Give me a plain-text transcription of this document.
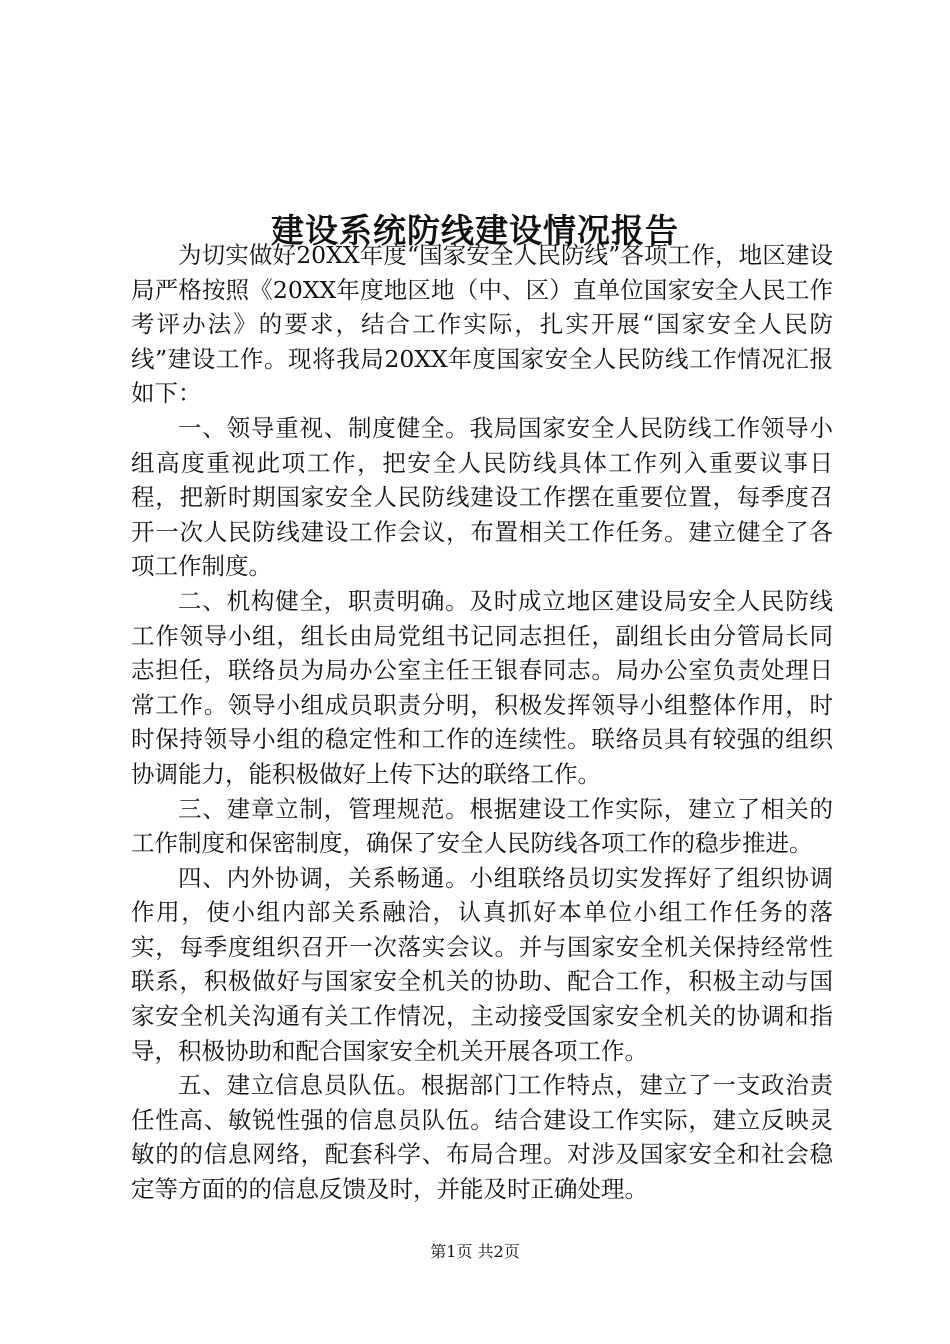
建设系统防线建设情况报告

为切实做好20XX年度“国家安全人民防线”各项工作，地区建设局严格按照《20XX年度地区地（中、区）直单位国家安全人民工作考评办法》的要求，结合工作实际，扎实开展“国家安全人民防线”建设工作。现将我局20XX年度国家安全人民防线工作情况汇报如下：

一、领导重视、制度健全。我局国家安全人民防线工作领导小组高度重视此项工作，把安全人民防线具体工作列入重要议事日程，把新时期国家安全人民防线建设工作摆在重要位置，每季度召开一次人民防线建设工作会议，布置相关工作任务。建立健全了各项工作制度。

二、机构健全，职责明确。及时成立地区建设局安全人民防线工作领导小组，组长由局党组书记同志担任，副组长由分管局长同志担任，联络员为局办公室主任王银春同志。局办公室负责处理日常工作。领导小组成员职责分明，积极发挥领导小组整体作用，时时保持领导小组的稳定性和工作的连续性。联络员具有较强的组织协调能力，能积极做好上传下达的联络工作。

三、建章立制，管理规范。根据建设工作实际，建立了相关的工作制度和保密制度，确保了安全人民防线各项工作的稳步推进。

四、内外协调，关系畅通。小组联络员切实发挥好了组织协调作用，使小组内部关系融洽，认真抓好本单位小组工作任务的落实，每季度组织召开一次落实会议。并与国家安全机关保持经常性联系，积极做好与国家安全机关的协助、配合工作，积极主动与国家安全机关沟通有关工作情况，主动接受国家安全机关的协调和指导，积极协助和配合国家安全机关开展各项工作。

五、建立信息员队伍。根据部门工作特点，建立了一支政治责任性高、敏锐性强的信息员队伍。结合建设工作实际，建立反映灵敏的的信息网络，配套科学、布局合理。对涉及国家安全和社会稳定等方面的的信息反馈及时，并能及时正确处理。

第1页 共2页
